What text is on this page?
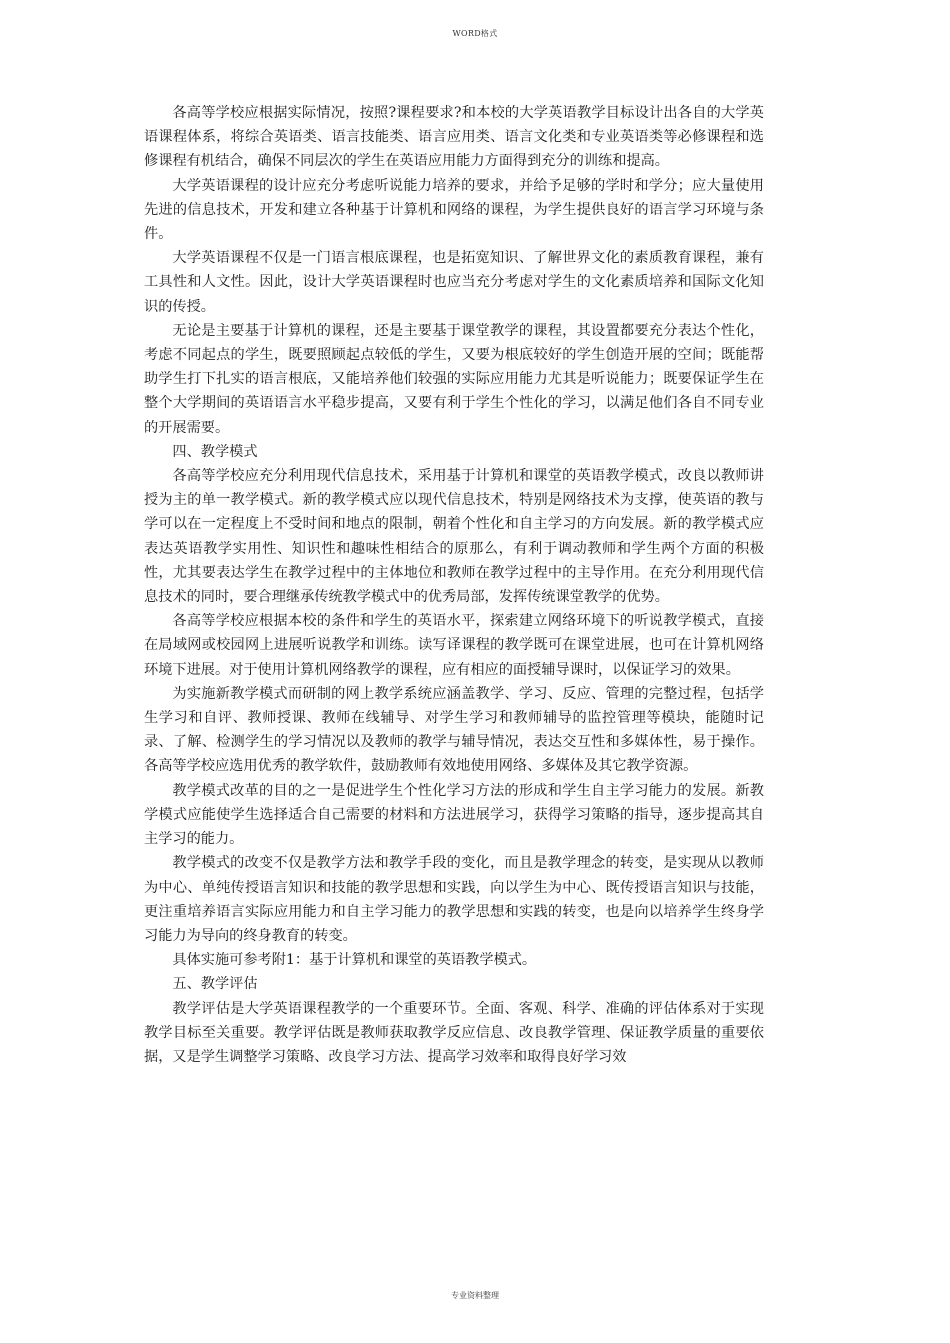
WORD格式

各高等学校应根据实际情况，按照?课程要求?和本校的大学英语教学目标设计出各自的大学英语课程体系，将综合英语类、语言技能类、语言应用类、语言文化类和专业英语类等必修课程和选修课程有机结合，确保不同层次的学生在英语应用能力方面得到充分的训练和提高。

大学英语课程的设计应充分考虑听说能力培养的要求，并给予足够的学时和学分；应大量使用先进的信息技术，开发和建立各种基于计算机和网络的课程，为学生提供良好的语言学习环境与条件。

大学英语课程不仅是一门语言根底课程，也是拓宽知识、了解世界文化的素质教育课程，兼有工具性和人文性。因此，设计大学英语课程时也应当充分考虑对学生的文化素质培养和国际文化知识的传授。

无论是主要基于计算机的课程，还是主要基于课堂教学的课程，其设置都要充分表达个性化，考虑不同起点的学生，既要照顾起点较低的学生，又要为根底较好的学生创造开展的空间；既能帮助学生打下扎实的语言根底，又能培养他们较强的实际应用能力尤其是听说能力；既要保证学生在整个大学期间的英语语言水平稳步提高，又要有利于学生个性化的学习，以满足他们各自不同专业的开展需要。

四、教学模式

各高等学校应充分利用现代信息技术，采用基于计算机和课堂的英语教学模式，改良以教师讲授为主的单一教学模式。新的教学模式应以现代信息技术，特别是网络技术为支撑，使英语的教与学可以在一定程度上不受时间和地点的限制，朝着个性化和自主学习的方向发展。新的教学模式应表达英语教学实用性、知识性和趣味性相结合的原那么，有利于调动教师和学生两个方面的积极性，尤其要表达学生在教学过程中的主体地位和教师在教学过程中的主导作用。在充分利用现代信息技术的同时，要合理继承传统教学模式中的优秀局部，发挥传统课堂教学的优势。

各高等学校应根据本校的条件和学生的英语水平，探索建立网络环境下的听说教学模式，直接在局域网或校园网上进展听说教学和训练。读写译课程的教学既可在课堂进展，也可在计算机网络环境下进展。对于使用计算机网络教学的课程，应有相应的面授辅导课时，以保证学习的效果。

为实施新教学模式而研制的网上教学系统应涵盖教学、学习、反应、管理的完整过程，包括学生学习和自评、教师授课、教师在线辅导、对学生学习和教师辅导的监控管理等模块，能随时记录、了解、检测学生的学习情况以及教师的教学与辅导情况，表达交互性和多媒体性，易于操作。各高等学校应选用优秀的教学软件，鼓励教师有效地使用网络、多媒体及其它教学资源。

教学模式改革的目的之一是促进学生个性化学习方法的形成和学生自主学习能力的发展。新教学模式应能使学生选择适合自己需要的材料和方法进展学习，获得学习策略的指导，逐步提高其自主学习的能力。

教学模式的改变不仅是教学方法和教学手段的变化，而且是教学理念的转变，是实现从以教师为中心、单纯传授语言知识和技能的教学思想和实践，向以学生为中心、既传授语言知识与技能，更注重培养语言实际应用能力和自主学习能力的教学思想和实践的转变，也是向以培养学生终身学习能力为导向的终身教育的转变。

具体实施可参考附1：基于计算机和课堂的英语教学模式。

五、教学评估

教学评估是大学英语课程教学的一个重要环节。全面、客观、科学、准确的评估体系对于实现教学目标至关重要。教学评估既是教师获取教学反应信息、改良教学管理、保证教学质量的重要依据，又是学生调整学习策略、改良学习方法、提高学习效率和取得良好学习效

专业资料整理
